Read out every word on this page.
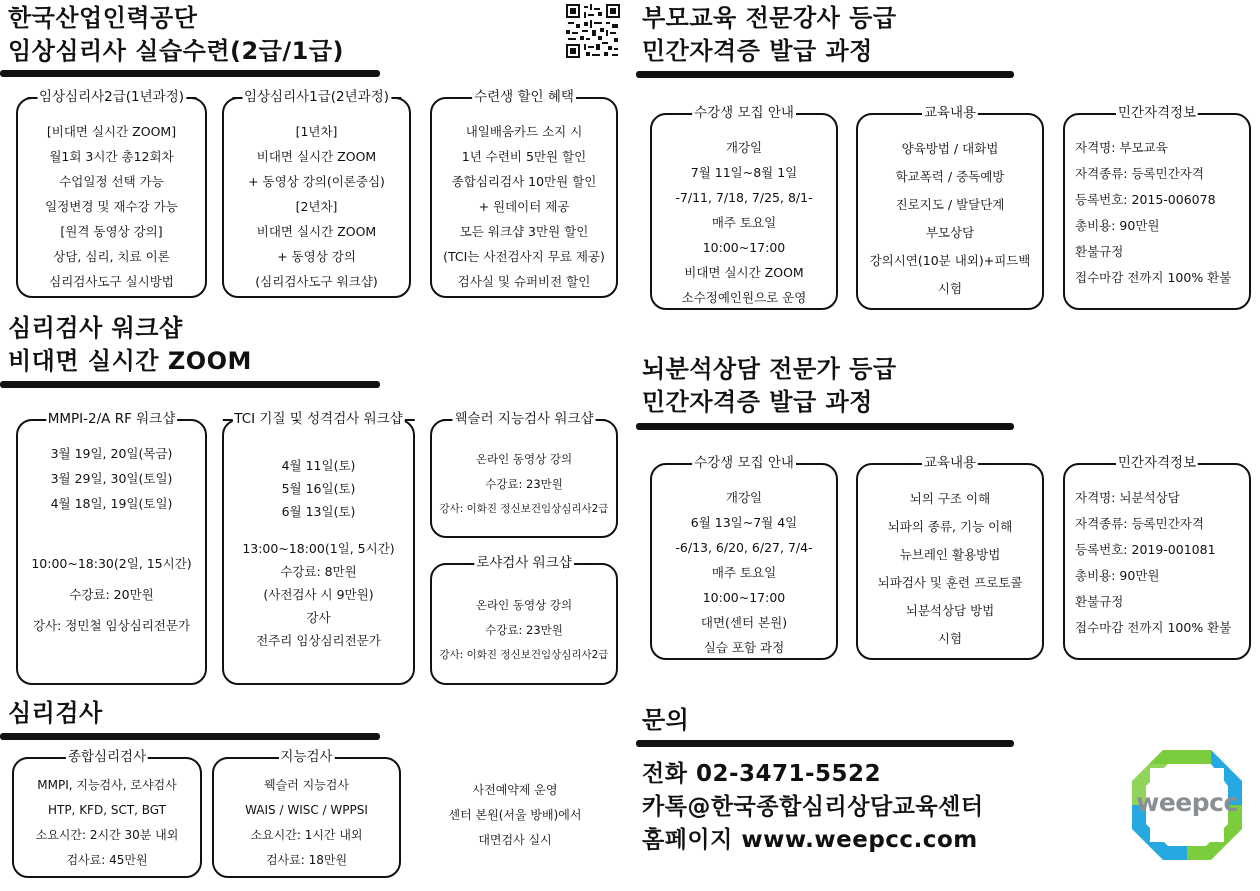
한국산업인력공단
임상심리사 실습수련(2급/1급)
임상심리사2급(1년과정)
[비대면 실시간 ZOOM]
월1회 3시간 총12회차
수업일정 선택 가능
일정변경 및 재수강 가능
[원격 동영상 강의]
상담, 심리, 치료 이론
심리검사도구 실시방법
임상심리사1급(2년과정)
[1년차]
비대면 실시간 ZOOM
+ 동영상 강의(이론중심)
[2년차]
비대면 실시간 ZOOM
+ 동영상 강의
(심리검사도구 워크샵)
수련생 할인 혜택
내일배움카드 소지 시
1년 수련비 5만원 할인
종합심리검사 10만원 할인
+ 원데이터 제공
모든 워크샵 3만원 할인
(TCI는 사전검사지 무료 제공)
검사실 및 슈퍼비전 할인
심리검사 워크샵
비대면 실시간 ZOOM
MMPI-2/A RF 워크샵
3월 19일, 20일(목금)
3월 29일, 30일(토일)
4월 18일, 19일(토일)
10:00~18:30(2일, 15시간)
수강료: 20만원
강사: 정민철 임상심리전문가
TCI 기질 및 성격검사 워크샵
4월 11일(토)
5월 16일(토)
6월 13일(토)
13:00~18:00(1일, 5시간)
수강료: 8만원
(사전검사 시 9만원)
강사
전주리 임상심리전문가
웩슬러 지능검사 워크샵
온라인 동영상 강의
수강료: 23만원
강사: 이화진 정신보건임상심리사2급
로샤검사 워크샵
온라인 동영상 강의
수강료: 23만원
강사: 이화진 정신보건임상심리사2급
심리검사
종합심리검사
MMPI, 지능검사, 로샤검사
HTP, KFD, SCT, BGT
소요시간: 2시간 30분 내외
검사료: 45만원
지능검사
웩슬러 지능검사
WAIS / WISC / WPPSI
소요시간: 1시간 내외
검사료: 18만원
사전예약제 운영
센터 본원(서울 방배)에서
대면검사 실시
부모교육 전문강사 등급
민간자격증 발급 과정
수강생 모집 안내
개강일
7월 11일~8월 1일
-7/11, 7/18, 7/25, 8/1-
매주 토요일
10:00~17:00
비대면 실시간 ZOOM
소수정예인원으로 운영
교육내용
양육방법 / 대화법
학교폭력 / 중독예방
진로지도 / 발달단계
부모상담
강의시연(10분 내외)+피드백
시험
민간자격정보
자격명: 부모교육
자격종류: 등록민간자격
등록번호: 2015-006078
총비용: 90만원
환불규정
접수마감 전까지 100% 환불
뇌분석상담 전문가 등급
민간자격증 발급 과정
수강생 모집 안내
개강일
6월 13일~7월 4일
-6/13, 6/20, 6/27, 7/4-
매주 토요일
10:00~17:00
대면(센터 본원)
실습 포함 과정
교육내용
뇌의 구조 이해
뇌파의 종류, 기능 이해
뉴브레인 활용방법
뇌파검사 및 훈련 프로토콜
뇌분석상담 방법
시험
민간자격정보
자격명: 뇌분석상담
자격종류: 등록민간자격
등록번호: 2019-001081
총비용: 90만원
환불규정
접수마감 전까지 100% 환불
문의
전화 02-3471-5522
카톡@한국종합심리상담교육센터
홈페이지 www.weepcc.com
weepcc
